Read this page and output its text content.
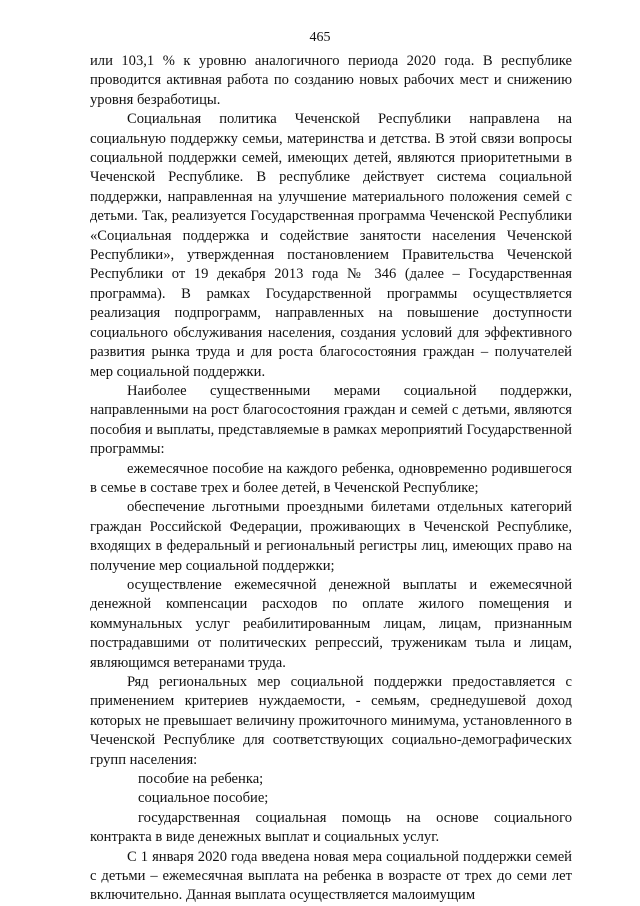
465

или 103,1 % к уровню аналогичного периода 2020 года. В республике проводится активная работа по созданию новых рабочих мест и снижению уровня безработицы.

Социальная политика Чеченской Республики направлена на социальную поддержку семьи, материнства и детства. В этой связи вопросы социальной поддержки семей, имеющих детей, являются приоритетными в Чеченской Республике. В республике действует система социальной поддержки, направленная на улучшение материального положения семей с детьми. Так, реализуется Государственная программа Чеченской Республики «Социальная поддержка и содействие занятости населения Чеченской Республики», утвержденная постановлением Правительства Чеченской Республики от 19 декабря 2013 года № 346 (далее – Государственная программа). В рамках Государственной программы осуществляется реализация подпрограмм, направленных на повышение доступности социального обслуживания населения, создания условий для эффективного развития рынка труда и для роста благосостояния граждан – получателей мер социальной поддержки.

Наиболее существенными мерами социальной поддержки, направленными на рост благосостояния граждан и семей с детьми, являются пособия и выплаты, представляемые в рамках мероприятий Государственной программы:

ежемесячное пособие на каждого ребенка, одновременно родившегося в семье в составе трех и более детей, в Чеченской Республике;

обеспечение льготными проездными билетами отдельных категорий граждан Российской Федерации, проживающих в Чеченской Республике, входящих в федеральный и региональный регистры лиц, имеющих право на получение мер социальной поддержки;

осуществление ежемесячной денежной выплаты и ежемесячной денежной компенсации расходов по оплате жилого помещения и коммунальных услуг реабилитированным лицам, лицам, признанным пострадавшими от политических репрессий, труженикам тыла и лицам, являющимся ветеранами труда.

Ряд региональных мер социальной поддержки предоставляется с применением критериев нуждаемости, - семьям, среднедушевой доход которых не превышает величину прожиточного минимума, установленного в Чеченской Республике для соответствующих социально-демографических групп населения:

пособие на ребенка;

социальное пособие;

государственная социальная помощь на основе социального контракта в виде денежных выплат и социальных услуг.

С 1 января 2020 года введена новая мера социальной поддержки семей с детьми – ежемесячная выплата на ребенка в возрасте от трех до семи лет включительно. Данная выплата осуществляется малоимущим
